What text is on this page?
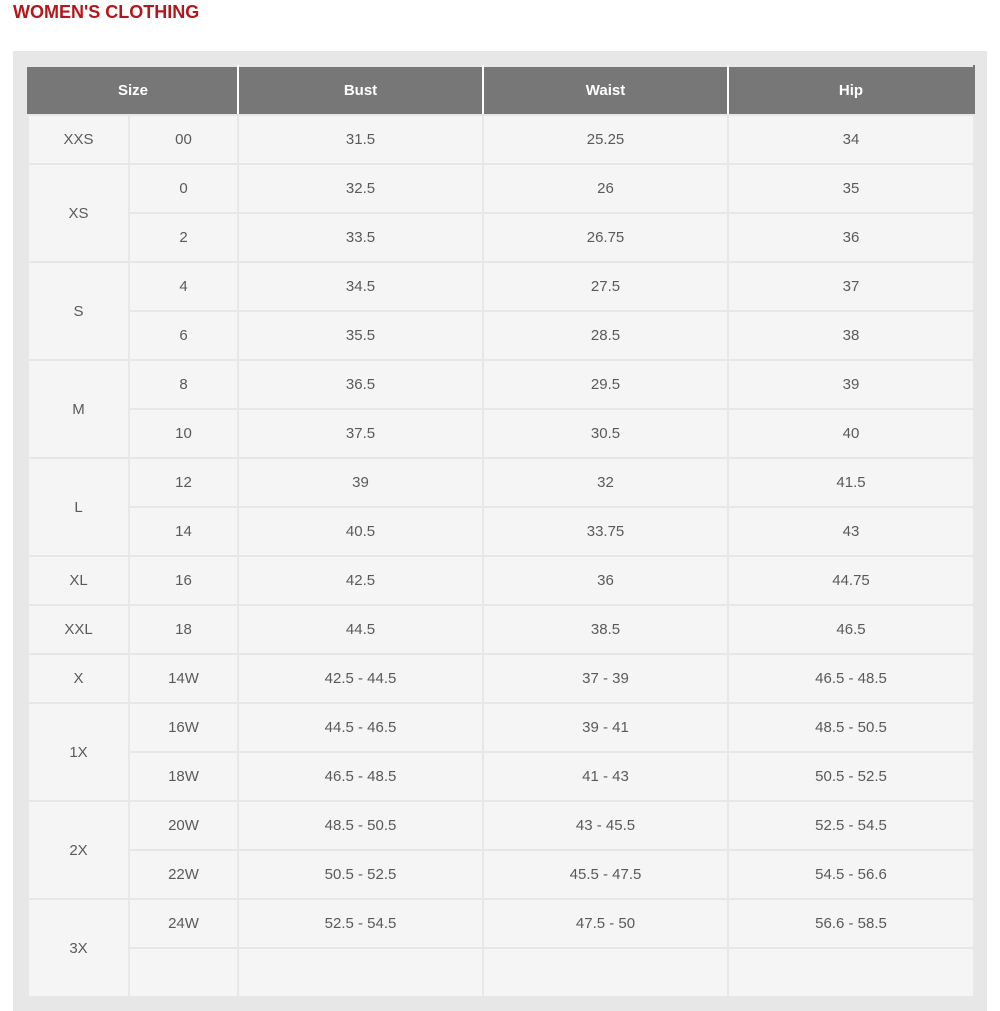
WOMEN'S CLOTHING
Size		Bust	Waist	Hip
XXS	00	31.5	25.25	34
XS	0	32.5	26	35
	2	33.5	26.75	36
S	4	34.5	27.5	37
	6	35.5	28.5	38
M	8	36.5	29.5	39
	10	37.5	30.5	40
L	12	39	32	41.5
	14	40.5	33.75	43
XL	16	42.5	36	44.75
XXL	18	44.5	38.5	46.5
X	14W	42.5 - 44.5	37 - 39	46.5 - 48.5
1X	16W	44.5 - 46.5	39 - 41	48.5 - 50.5
	18W	46.5 - 48.5	41 - 43	50.5 - 52.5
2X	20W	48.5 - 50.5	43 - 45.5	52.5 - 54.5
	22W	50.5 - 52.5	45.5 - 47.5	54.5 - 56.6
3X	24W	52.5 - 54.5	47.5 - 50	56.6 - 58.5
